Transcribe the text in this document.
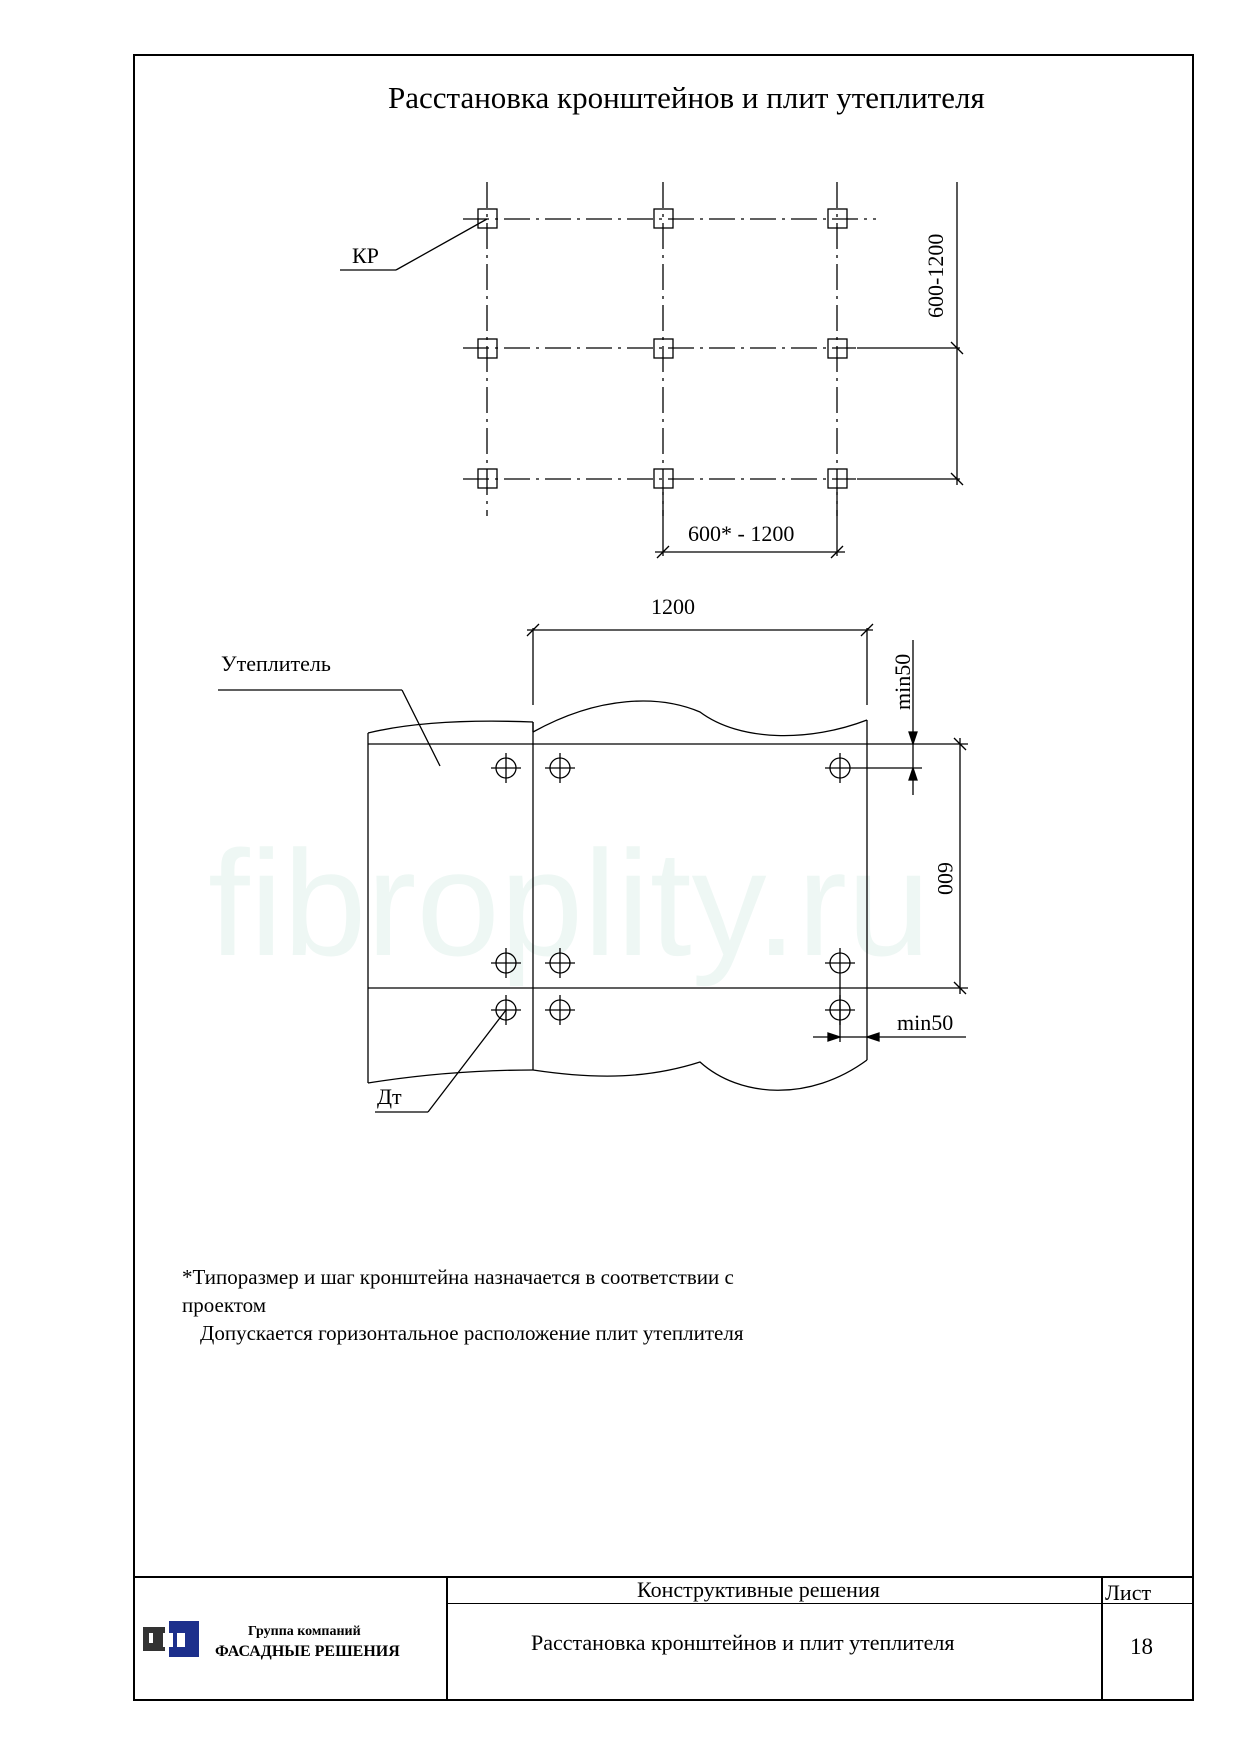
fibroplity.ru
КР	600-1200
600* - 1200
1200
Утеплитель	min50
600
min50
Дт
Расстановка кронштейнов и плит утеплителя
*Типоразмер и шаг кронштейна назначается в соответствии с
проектом
Допускается горизонтальное расположение плит утеплителя
Группа компаний
ФАСАДНЫЕ РЕШЕНИЯ
Конструктивные решения
Расстановка кронштейнов и плит утеплителя
Лист
18
